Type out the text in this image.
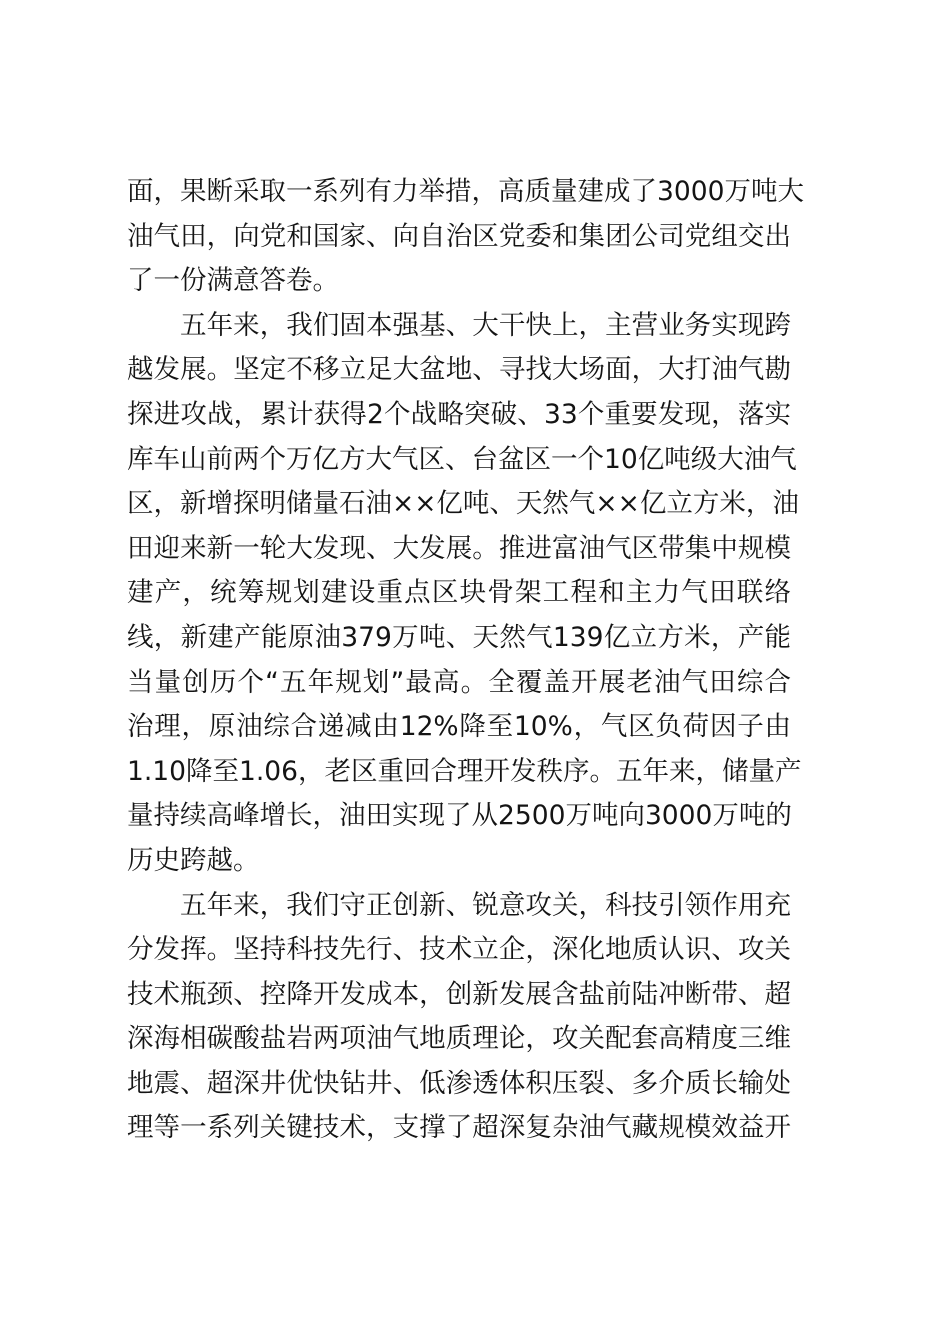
面，果断采取一系列有力举措，高质量建成了3000万吨大
油气田，向党和国家、向自治区党委和集团公司党组交出
了一份满意答卷。
五年来，我们固本强基、大干快上，主营业务实现跨
越发展。坚定不移立足大盆地、寻找大场面，大打油气勘
探进攻战，累计获得2个战略突破、33个重要发现，落实
库车山前两个万亿方大气区、台盆区一个10亿吨级大油气
区，新增探明储量石油××亿吨、天然气××亿立方米，油
田迎来新一轮大发现、大发展。推进富油气区带集中规模
建产，统筹规划建设重点区块骨架工程和主力气田联络
线，新建产能原油379万吨、天然气139亿立方米，产能
当量创历个“五年规划”最高。全覆盖开展老油气田综合
治理，原油综合递减由12%降至10%，气区负荷因子由
1.10降至1.06，老区重回合理开发秩序。五年来，储量产
量持续高峰增长，油田实现了从2500万吨向3000万吨的
历史跨越。
五年来，我们守正创新、锐意攻关，科技引领作用充
分发挥。坚持科技先行、技术立企，深化地质认识、攻关
技术瓶颈、控降开发成本，创新发展含盐前陆冲断带、超
深海相碳酸盐岩两项油气地质理论，攻关配套高精度三维
地震、超深井优快钻井、低渗透体积压裂、多介质长输处
理等一系列关键技术，支撑了超深复杂油气藏规模效益开
